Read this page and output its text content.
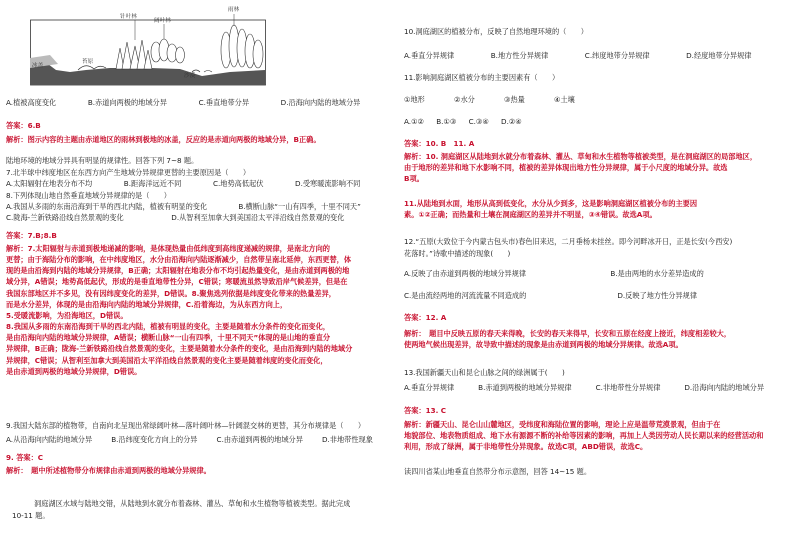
冰盖
苔原
针叶林
阔叶林
沙漠
雨林
A.植被高度变化	B.赤道向两极的地域分异	C.垂直地带分异	D.沿海向内陆的地域分异
答案：6.B
解析：图示内容的主题由赤道地区的雨林到极地的冰盖，反应的是赤道向两极的地域分异，B正确。
陆地环境的地域分异具有明显的规律性。回答下列 7~8 题。
7.北半球中纬度地区在东西方向产生地域分异规律更替的主要原因是（　　）
A.太阳辐射在地表分布不均	B.距海洋远近不同	C.地势高低起伏	D.受寒暖流影响不同
8.下列体现山地自然垂直地域分异规律的是（　　）
A.我国从多雨的东南沿海到干旱的西北内陆，植被有明显的变化	B.横断山脉“一山有四季，十里不同天”
C.陇海-兰新铁路沿线自然景观的变化	D.从智利至加拿大到美国沿太平洋沿线自然景观的变化
答案：7.B;8.B
解析：7.太阳辐射与赤道到极地递减的影响，是体现热量由低纬度到高纬度递减的规律，是南北方向的
更替；由于海陆分布的影响，在中纬度地区，水分由沿海向内陆逐渐减少，自然带呈南北延伸，东西更替，体
现的是由沿海到内陆的地域分异规律，B正确；太阳辐射在地表分布不均引起热量变化，是由赤道到两极的地
域分异，A错误；地势高低起伏，形成的是垂直地带性分异，C错误；寒暖流虽然导致沿岸气候差异，但是在
我国东部地区并不多见，没有因纬度变化的差异，D错误。8.聚焦选列依据是纬度变化带来的热量差异，
而是水分差异，体现的是由沿海向内陆的地域分异规律，C.沿着海边，为从东西方向上，
5.受暖流影响，为沿海地区，D错误。
8.我国从多雨的东南沿海到干旱的西北内陆，植被有明显的变化，主要是随着水分条件的变化而变化，
是由沿海向内陆的地域分异规律，A错误；横断山脉“一山有四季，十里不同天”体现的是山地的垂直分
异规律，B正确；陇海-兰新铁路沿线自然景观的变化，主要是随着水分条件的变化，是由沿海到内陆的地域分
异规律，C错误；从智利至加拿大到美国沿太平洋沿线自然景观的变化主要是随着纬度的变化而变化，
是由赤道到两极的地域分异规律，D错误。
9.我国大陆东部的植物带，自南向北呈现出常绿阔叶林—落叶阔叶林—针阔混交林的更替，其分布规律是（　　）
A.从沿海向内陆的地域分异	B.沿纬度变化方向上的分异	C.由赤道到两极的地域分异	D.非地带性现象
9. 答案：C
解析：　题中所述植物带分布规律由赤道到两极的地域分异规律。
洞庭湖区水域与陆地交错，从陆地到水就分布着森林、灌丛、草甸和水生植物等植被类型。据此完成
10-11 题。
10.洞庭湖区的植被分布，反映了自然地理环境的（　　）
A.垂直分异规律	B.地方性分异规律	C.纬度地带分异规律	D.经度地带分异规律
11.影响洞庭湖区植被分布的主要因素有（　　）
①地形	②水分	③热量	④土壤
A.①②	B.①③	C.③④	D.②④
答案：10. B　11. A
解析：10. 洞庭湖区从陆地到水就分布着森林、灌丛、草甸和水生植物等植被类型，是在洞庭湖区的局部地区，
由于地形的差异和地下水影响不同，植被的差异体现出地方性分异规律，属于小尺度的地域分异。故选
B项。
11.从陆地到水面，地形从高到低变化，水分从少到多，这是影响洞庭湖区植被分布的主要因
素。①②正确；而热量和土壤在洞庭湖区的差异并不明显，③④错误。故选A项。
12.“五原(大致位于今内蒙古包头市)春色旧来迟，二月垂杨未挂丝。即今河畔冰开日，正是长安(今西安)
花落时。”诗歌中描述的现象(　　)
A.反映了由赤道到两极的地域分异规律	B.是由两地的水分差异造成的
C.是由流经两地的河流流量不同造成的	D.反映了地方性分异规律
答案：12. A
解析：　题目中反映五原的春天来得晚，长安的春天来得早，长安和五原在经度上接近，纬度相差较大，
使两地气候出现差异，故导致中描述的现象是由赤道到两极的地域分异规律。故选A项。
13.我国新疆天山和昆仑山脉之间的绿洲属于(　　)
A.垂直分异规律	B.赤道到两极的地域分异规律	C.非地带性分异规律	D.沿海向内陆的地域分异
答案：13. C
解析：新疆天山、昆仑山山麓地区，受纬度和海陆位置的影响，理论上应是温带荒漠景观，但由于在
地貌部位、地表物质组成、地下水有源源不断的补给等因素的影响，再加上人类因劳动人民长期以来的经营活动和
利用，形成了绿洲，属于非地带性分异现象。故选C项，ABD错误，故选C。
读四川省某山地垂直自然带分布示意图，回答 14~15 题。
